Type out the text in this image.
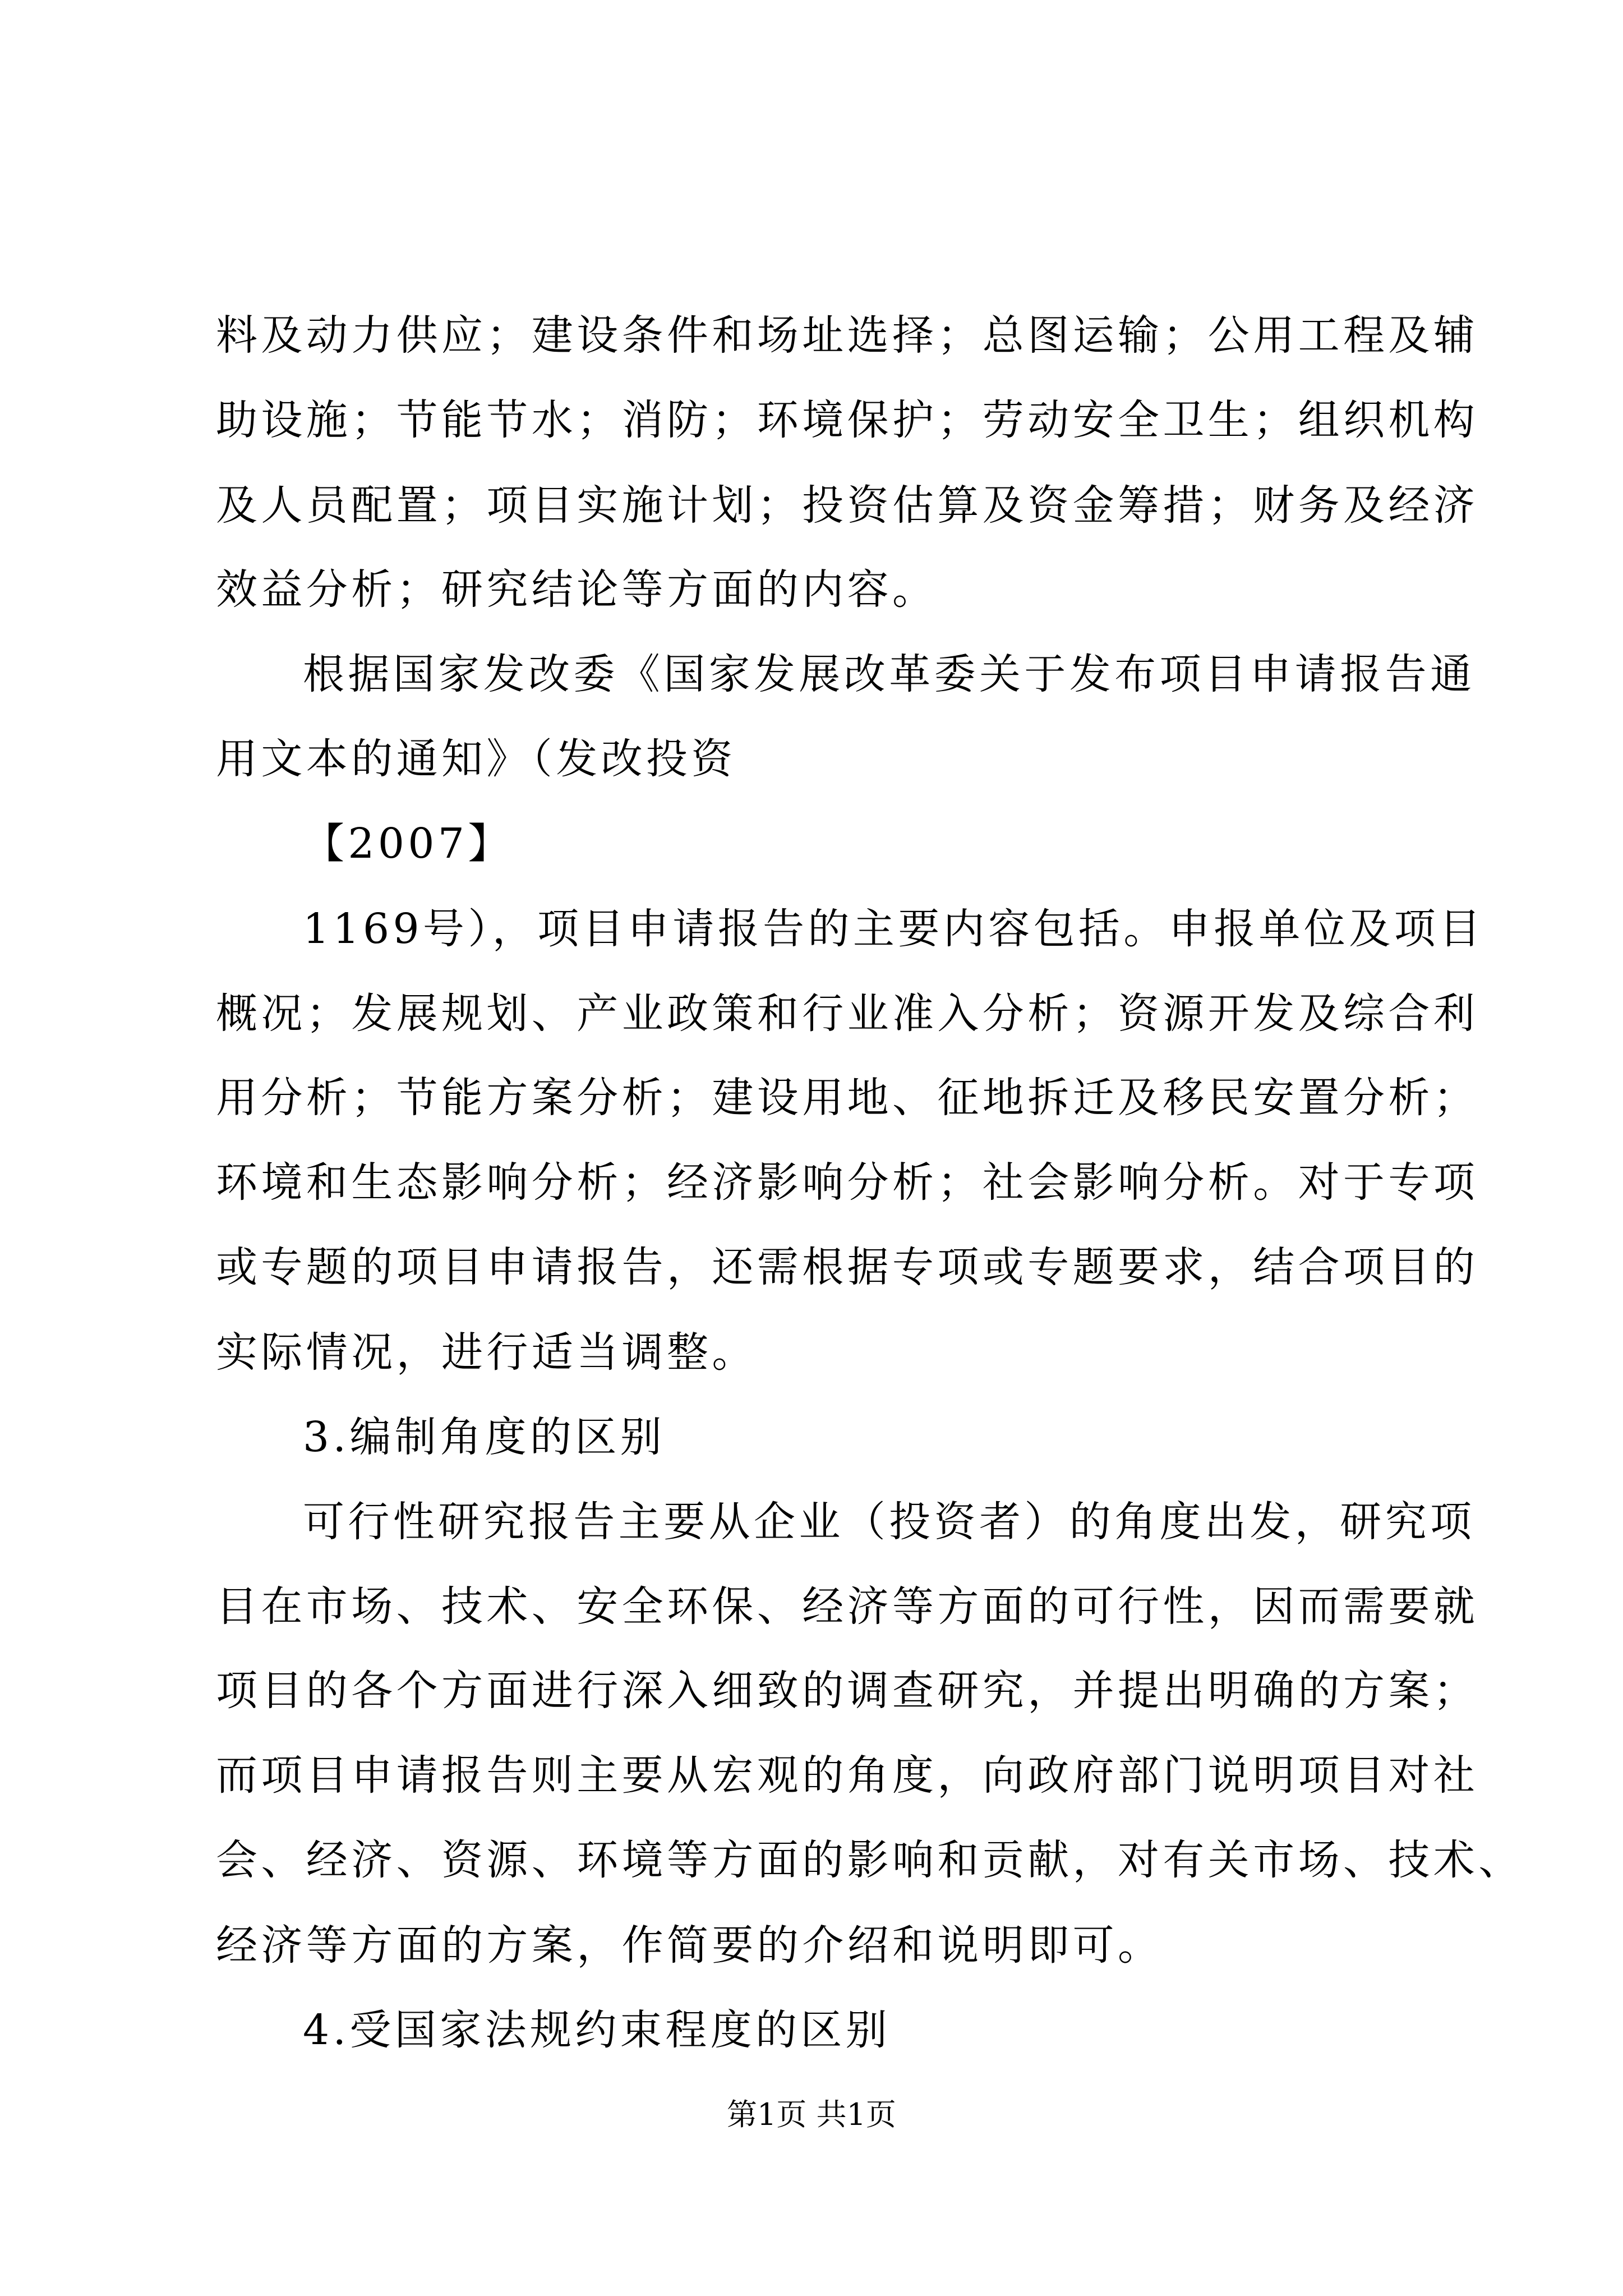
料及动力供应；建设条件和场址选择；总图运输；公用工程及辅
助设施；节能节水；消防；环境保护；劳动安全卫生；组织机构
及人员配置；项目实施计划；投资估算及资金筹措；财务及经济
效益分析；研究结论等方面的内容。
根据国家发改委《国家发展改革委关于发布项目申请报告通
用文本的通知》（发改投资
【2007】
1169号），项目申请报告的主要内容包括。申报单位及项目
概况；发展规划、产业政策和行业准入分析；资源开发及综合利
用分析；节能方案分析；建设用地、征地拆迁及移民安置分析；
环境和生态影响分析；经济影响分析；社会影响分析。对于专项
或专题的项目申请报告，还需根据专项或专题要求，结合项目的
实际情况，进行适当调整。
3.编制角度的区别
可行性研究报告主要从企业（投资者）的角度出发，研究项
目在市场、技术、安全环保、经济等方面的可行性，因而需要就
项目的各个方面进行深入细致的调查研究，并提出明确的方案；
而项目申请报告则主要从宏观的角度，向政府部门说明项目对社
会、经济、资源、环境等方面的影响和贡献，对有关市场、技术、
经济等方面的方案，作简要的介绍和说明即可。
4.受国家法规约束程度的区别
第1页 共1页
